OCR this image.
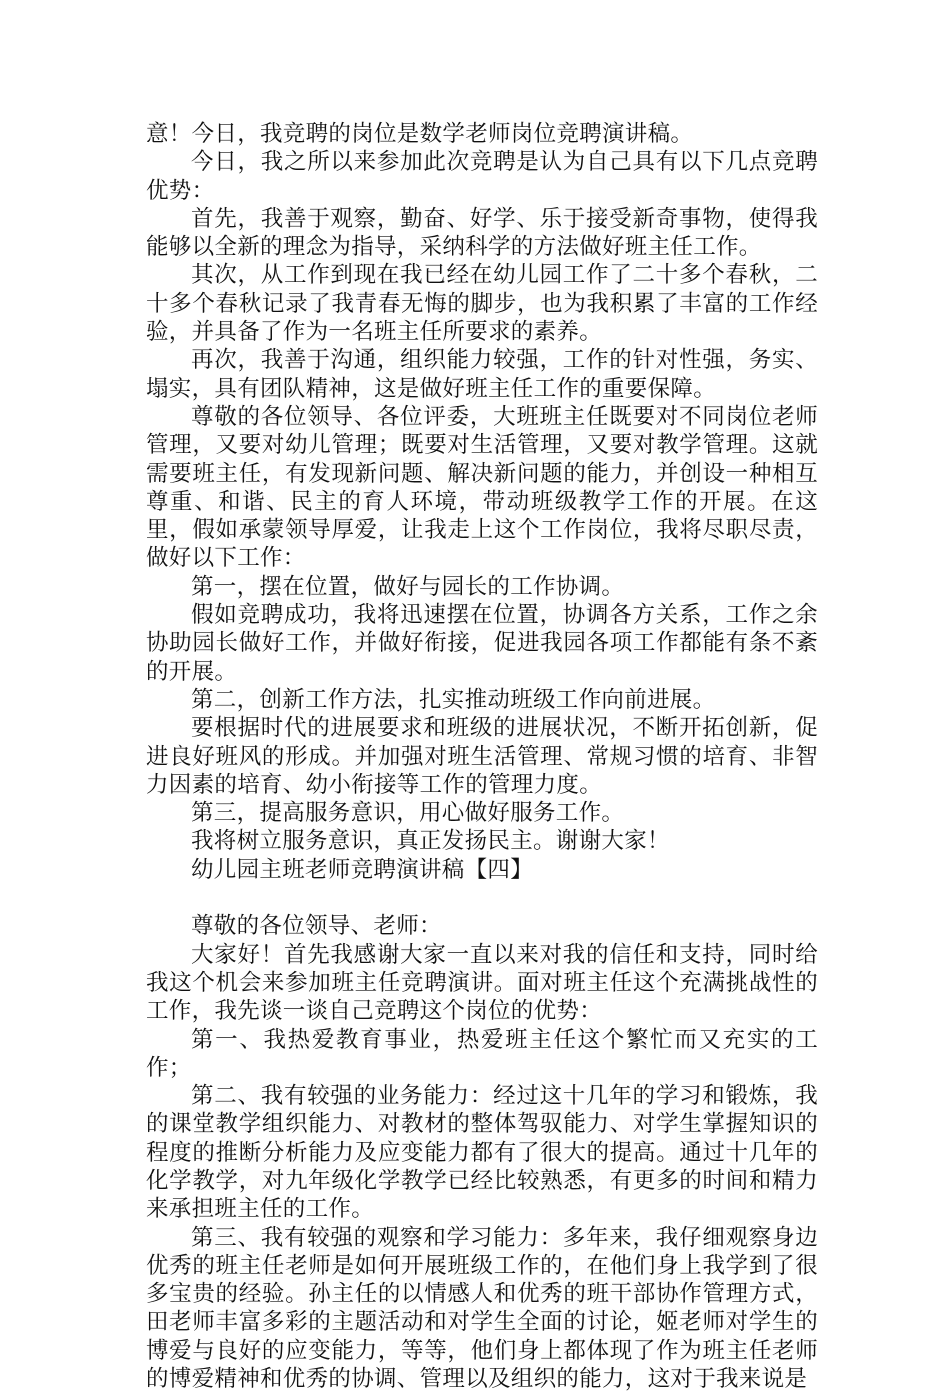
意！今日，我竞聘的岗位是数学老师岗位竞聘演讲稿。

今日，我之所以来参加此次竞聘是认为自己具有以下几点竞聘优势：

首先，我善于观察，勤奋、好学、乐于接受新奇事物，使得我能够以全新的理念为指导，采纳科学的方法做好班主任工作。

其次，从工作到现在我已经在幼儿园工作了二十多个春秋，二十多个春秋记录了我青春无悔的脚步，也为我积累了丰富的工作经验，并具备了作为一名班主任所要求的素养。

再次，我善于沟通，组织能力较强，工作的针对性强，务实、塌实，具有团队精神，这是做好班主任工作的重要保障。

尊敬的各位领导、各位评委，大班班主任既要对不同岗位老师管理，又要对幼儿管理；既要对生活管理，又要对教学管理。这就需要班主任，有发现新问题、解决新问题的能力，并创设一种相互尊重、和谐、民主的育人环境，带动班级教学工作的开展。在这里，假如承蒙领导厚爱，让我走上这个工作岗位，我将尽职尽责，做好以下工作：

第一，摆在位置，做好与园长的工作协调。

假如竞聘成功，我将迅速摆在位置，协调各方关系，工作之余协助园长做好工作，并做好衔接，促进我园各项工作都能有条不紊的开展。

第二，创新工作方法，扎实推动班级工作向前进展。

要根据时代的进展要求和班级的进展状况，不断开拓创新，促进良好班风的形成。并加强对班生活管理、常规习惯的培育、非智力因素的培育、幼小衔接等工作的管理力度。

第三，提高服务意识，用心做好服务工作。

我将树立服务意识，真正发扬民主。谢谢大家！

幼儿园主班老师竞聘演讲稿【四】

尊敬的各位领导、老师：

大家好！首先我感谢大家一直以来对我的信任和支持，同时给我这个机会来参加班主任竞聘演讲。面对班主任这个充满挑战性的工作，我先谈一谈自己竞聘这个岗位的优势：

第一、我热爱教育事业，热爱班主任这个繁忙而又充实的工作；

第二、我有较强的业务能力：经过这十几年的学习和锻炼，我的课堂教学组织能力、对教材的整体驾驭能力、对学生掌握知识的程度的推断分析能力及应变能力都有了很大的提高。通过十几年的化学教学，对九年级化学教学已经比较熟悉，有更多的时间和精力来承担班主任的工作。

第三、我有较强的观察和学习能力：多年来，我仔细观察身边优秀的班主任老师是如何开展班级工作的，在他们身上我学到了很多宝贵的经验。孙主任的以情感人和优秀的班干部协作管理方式，田老师丰富多彩的主题活动和对学生全面的讨论，姬老师对学生的博爱与良好的应变能力，等等，他们身上都体现了作为班主任老师的博爱精神和优秀的协调、管理以及组织的能力，这对于我来说是
